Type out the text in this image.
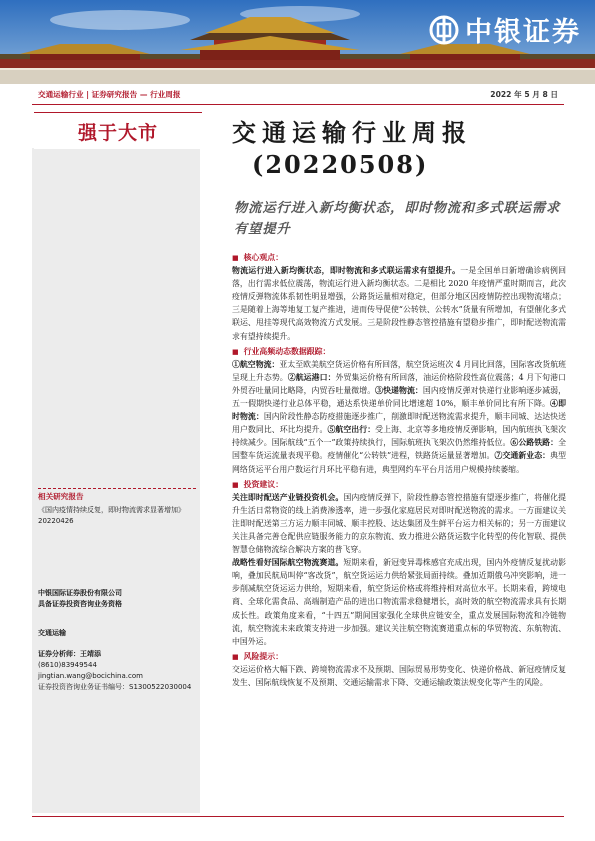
中银证券
交通运输行业 | 证券研究报告 — 行业周报	2022 年 5 月 8 日
强于大市	交通运输行业周报
(20220508)
物流运行进入新均衡状态，即时物流和多式联运需求有望提升

■ 核心观点：

物流运行进入新均衡状态，即时物流和多式联运需求有望提升。一是全国单日新增确诊病例回落，出行需求低位震荡，物流运行进入新均衡状态。二是相比 2020 年疫情严重时期而言，此次疫情反弹物流体系韧性明显增强，公路货运量相对稳定，但部分地区因疫情防控出现物流堵点；三是随着上海等地复工复产推进，进而传导促使“公转铁、公转水”货量有所增加，有望催化多式联运、甩挂等现代高效物流方式发展。三是阶段性静态管控措施有望稳步推广，即时配送物流需求有望持续提升。

■ 行业高频动态数据跟踪：

①航空物流：亚太至欧美航空货运价格有所回落，航空货运班次 4 月同比回落，国际客改货航班呈现上升态势。②航运港口：外贸集运价格有所回落，油运价格阶段性高位震荡；4 月下旬港口外贸吞吐量同比略降，内贸吞吐量微增。③快递物流：国内疫情反弹对快递行业影响逐步减弱，五一假期快递行业总体平稳，通达系快递单价同比增速超 10%，顺丰单价同比有所下降。④即时物流：国内阶段性静态防疫措施逐步推广，削激即时配送物流需求提升，顺丰同城、达达快送用户数同比、环比均提升。⑤航空出行：受上海、北京等多地疫情反弹影响，国内航班执飞架次持续减少。国际航线“五个一”政策持续执行，国际航班执飞架次仍然维持低位。⑥公路铁路：全国整车货运流量表现平稳。疫情催化“公转铁”进程，铁路货运量显著增加。⑦交通新业态：典型网络货运平台用户数运行月环比平稳有进，典型网约车平台月活用户规模持续萎缩。

■ 投资建议：

关注即时配送产业链投资机会。国内疫情反弹下，阶段性静态管控措施有望逐步推广，将催化提升生活日常物资的线上消费渗透率，进一步强化家庭居民对即时配送物流的需求。一方面建议关注即时配送第三方运力顺丰同城、顺丰控股、达达集团及生鲜平台运力相关标的；另一方面建议关注具备完善仓配供应链服务能力的京东物流、致力推进公路货运数字化转型的传化智联、提供智慧仓储物流综合解决方案的普飞穿。

战略性看好国际航空物流赛道。短期来看，新冠变异毒株感官充成出现，国内外疫情反复扰动影响，叠加民航局叫停“客改货”，航空货运运力供给紧张局面持续。叠加近期俄乌冲突影响，进一步削减航空货运运力供给，短期来看，航空货运价格或将维持相对高位水平。长期来看，跨境电商、全球化需食品、高端制造产品的进出口物流需求稳健增长，高时效的航空物流需求具有长期成长性。政策角度来看，“十四五”期间国家强化全球供应链安全，重点发展国际物流和冷链物流，航空物流未来政策支持进一步加强。建议关注航空物流赛道重点标的华贸物流、东航物流、中国外运。

■ 风险提示：

交运运价格大幅下跌、跨境物流需求不及预期、国际贸易形势变化、快递价格战、新冠疫情反复发生、国际航线恢复不及预期、交通运输需求下降、交通运输政策法规变化等产生的风险。

相关研究报告
《国内疫情持续反复，即时物流需求显著增加》20220426
中银国际证券股份有限公司
具备证券投资咨询业务资格
交通运输
证券分析师：王靖添
(8610)83949544
jingtian.wang@bocichina.com
证券投资咨询业务证书编号：S1300522030004
